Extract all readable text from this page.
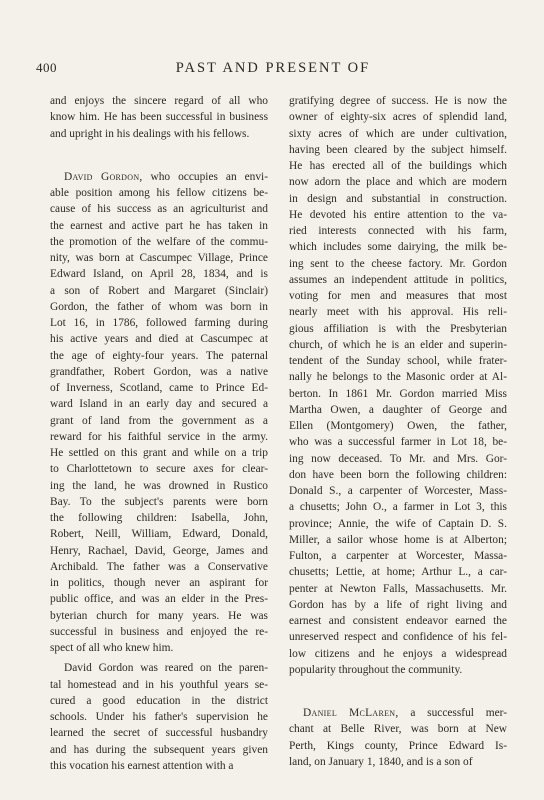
400	PAST AND PRESENT OF

and enjoys the sincere regard of all who
know him. He has been successful in business
and upright in his dealings with his fellows.

David Gordon, who occupies an envi-
able position among his fellow citizens be-
cause of his success as an agriculturist and
the earnest and active part he has taken in
the promotion of the welfare of the commu-
nity, was born at Cascumpec Village, Prince
Edward Island, on April 28, 1834, and is
a son of Robert and Margaret (Sinclair)
Gordon, the father of whom was born in
Lot 16, in 1786, followed farming during
his active years and died at Cascumpec at
the age of eighty-four years. The paternal
grandfather, Robert Gordon, was a native
of Inverness, Scotland, came to Prince Ed-
ward Island in an early day and secured a
grant of land from the government as a
reward for his faithful service in the army.
He settled on this grant and while on a trip
to Charlottetown to secure axes for clear-
ing the land, he was drowned in Rustico
Bay. To the subject's parents were born
the following children: Isabella, John,
Robert, Neill, William, Edward, Donald,
Henry, Rachael, David, George, James and
Archibald. The father was a Conservative
in politics, though never an aspirant for
public office, and was an elder in the Pres-
byterian church for many years. He was
successful in business and enjoyed the re-
spect of all who knew him.

David Gordon was reared on the paren-
tal homestead and in his youthful years se-
cured a good education in the district
schools. Under his father's supervision he
learned the secret of successful husbandry
and has during the subsequent years given
this vocation his earnest attention with a

gratifying degree of success. He is now the
owner of eighty-six acres of splendid land,
sixty acres of which are under cultivation,
having been cleared by the subject himself.
He has erected all of the buildings which
now adorn the place and which are modern
in design and substantial in construction.
He devoted his entire attention to the va-
ried interests connected with his farm,
which includes some dairying, the milk be-
ing sent to the cheese factory. Mr. Gordon
assumes an independent attitude in politics,
voting for men and measures that most
nearly meet with his approval. His reli-
gious affiliation is with the Presbyterian
church, of which he is an elder and superin-
tendent of the Sunday school, while frater-
nally he belongs to the Masonic order at Al-
berton. In 1861 Mr. Gordon married Miss
Martha Owen, a daughter of George and
Ellen (Montgomery) Owen, the father,
who was a successful farmer in Lot 18, be-
ing now deceased. To Mr. and Mrs. Gor-
don have been born the following children:
Donald S., a carpenter of Worcester, Mass-
a chusetts; John O., a farmer in Lot 3, this
province; Annie, the wife of Captain D. S.
Miller, a sailor whose home is at Alberton;
Fulton, a carpenter at Worcester, Massa-
chusetts; Lettie, at home; Arthur L., a car-
penter at Newton Falls, Massachusetts. Mr.
Gordon has by a life of right living and
earnest and consistent endeavor earned the
unreserved respect and confidence of his fel-
low citizens and he enjoys a widespread
popularity throughout the community.

Daniel McLaren, a successful mer-
chant at Belle River, was born at New
Perth, Kings county, Prince Edward Is-
land, on January 1, 1840, and is a son of
